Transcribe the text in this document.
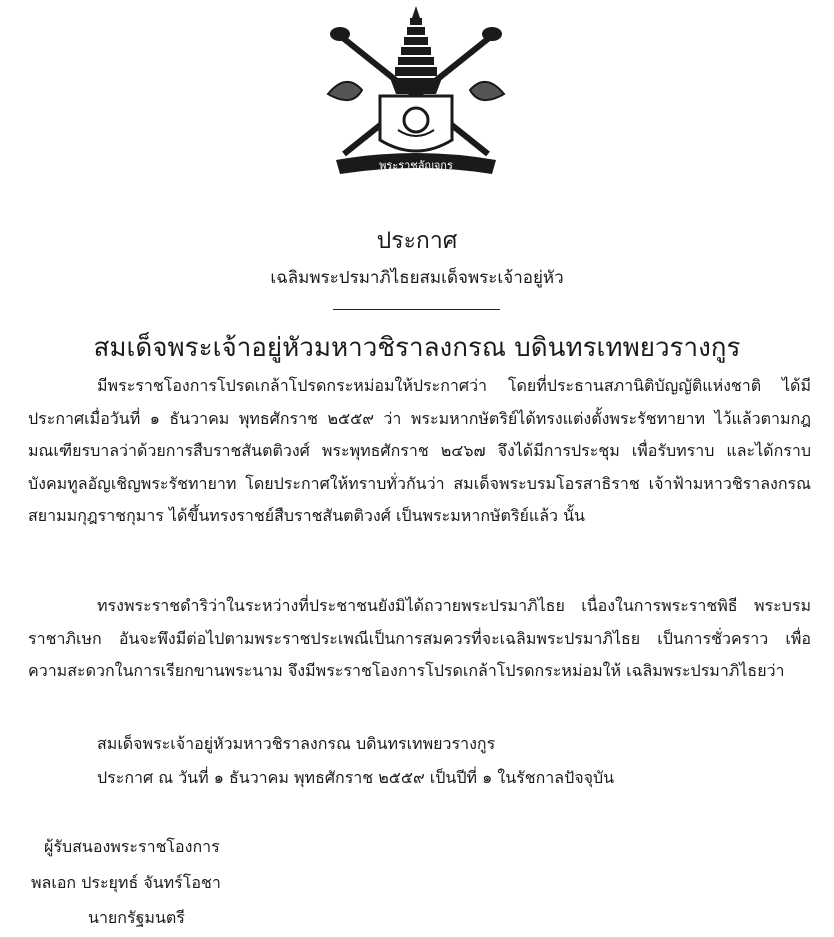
พระราชลัญจกร
ประกาศ
เฉลิมพระปรมาภิไธยสมเด็จพระเจ้าอยู่หัว
สมเด็จพระเจ้าอยู่หัวมหาวชิราลงกรณ บดินทรเทพยวรางกูร
มีพระราชโองการโปรดเกล้าโปรดกระหม่อมให้ประกาศว่า โดยที่ประธานสภานิติบัญญัติแห่งชาติ ได้มีประกาศเมื่อวันที่ ๑ ธันวาคม พุทธศักราช ๒๕๕๙ ว่า พระมหากษัตริย์ได้ทรงแต่งตั้งพระรัชทายาท ไว้แล้วตามกฎมณเฑียรบาลว่าด้วยการสืบราชสันตติวงศ์ พระพุทธศักราช ๒๔๖๗ จึงได้มีการประชุม เพื่อรับทราบ และได้กราบบังคมทูลอัญเชิญพระรัชทายาท โดยประกาศให้ทราบทั่วกันว่า สมเด็จพระบรมโอรสาธิราช เจ้าฟ้ามหาวชิราลงกรณ สยามมกุฎราชกุมาร ได้ขึ้นทรงราชย์สืบราชสันตติวงศ์ เป็นพระมหากษัตริย์แล้ว นั้น
ทรงพระราชดำริว่าในระหว่างที่ประชาชนยังมิได้ถวายพระปรมาภิไธย เนื่องในการพระราชพิธี พระบรมราชาภิเษก อันจะพึงมีต่อไปตามพระราชประเพณีเป็นการสมควรที่จะเฉลิมพระปรมาภิไธย เป็นการชั่วคราว เพื่อความสะดวกในการเรียกขานพระนาม จึงมีพระราชโองการโปรดเกล้าโปรดกระหม่อมให้ เฉลิมพระปรมาภิไธยว่า
สมเด็จพระเจ้าอยู่หัวมหาวชิราลงกรณ บดินทรเทพยวรางกูร
ประกาศ ณ วันที่ ๑ ธันวาคม พุทธศักราช ๒๕๕๙ เป็นปีที่ ๑ ในรัชกาลปัจจุบัน
ผู้รับสนองพระราชโองการ
พลเอก ประยุทธ์ จันทร์โอชา
นายกรัฐมนตรี
